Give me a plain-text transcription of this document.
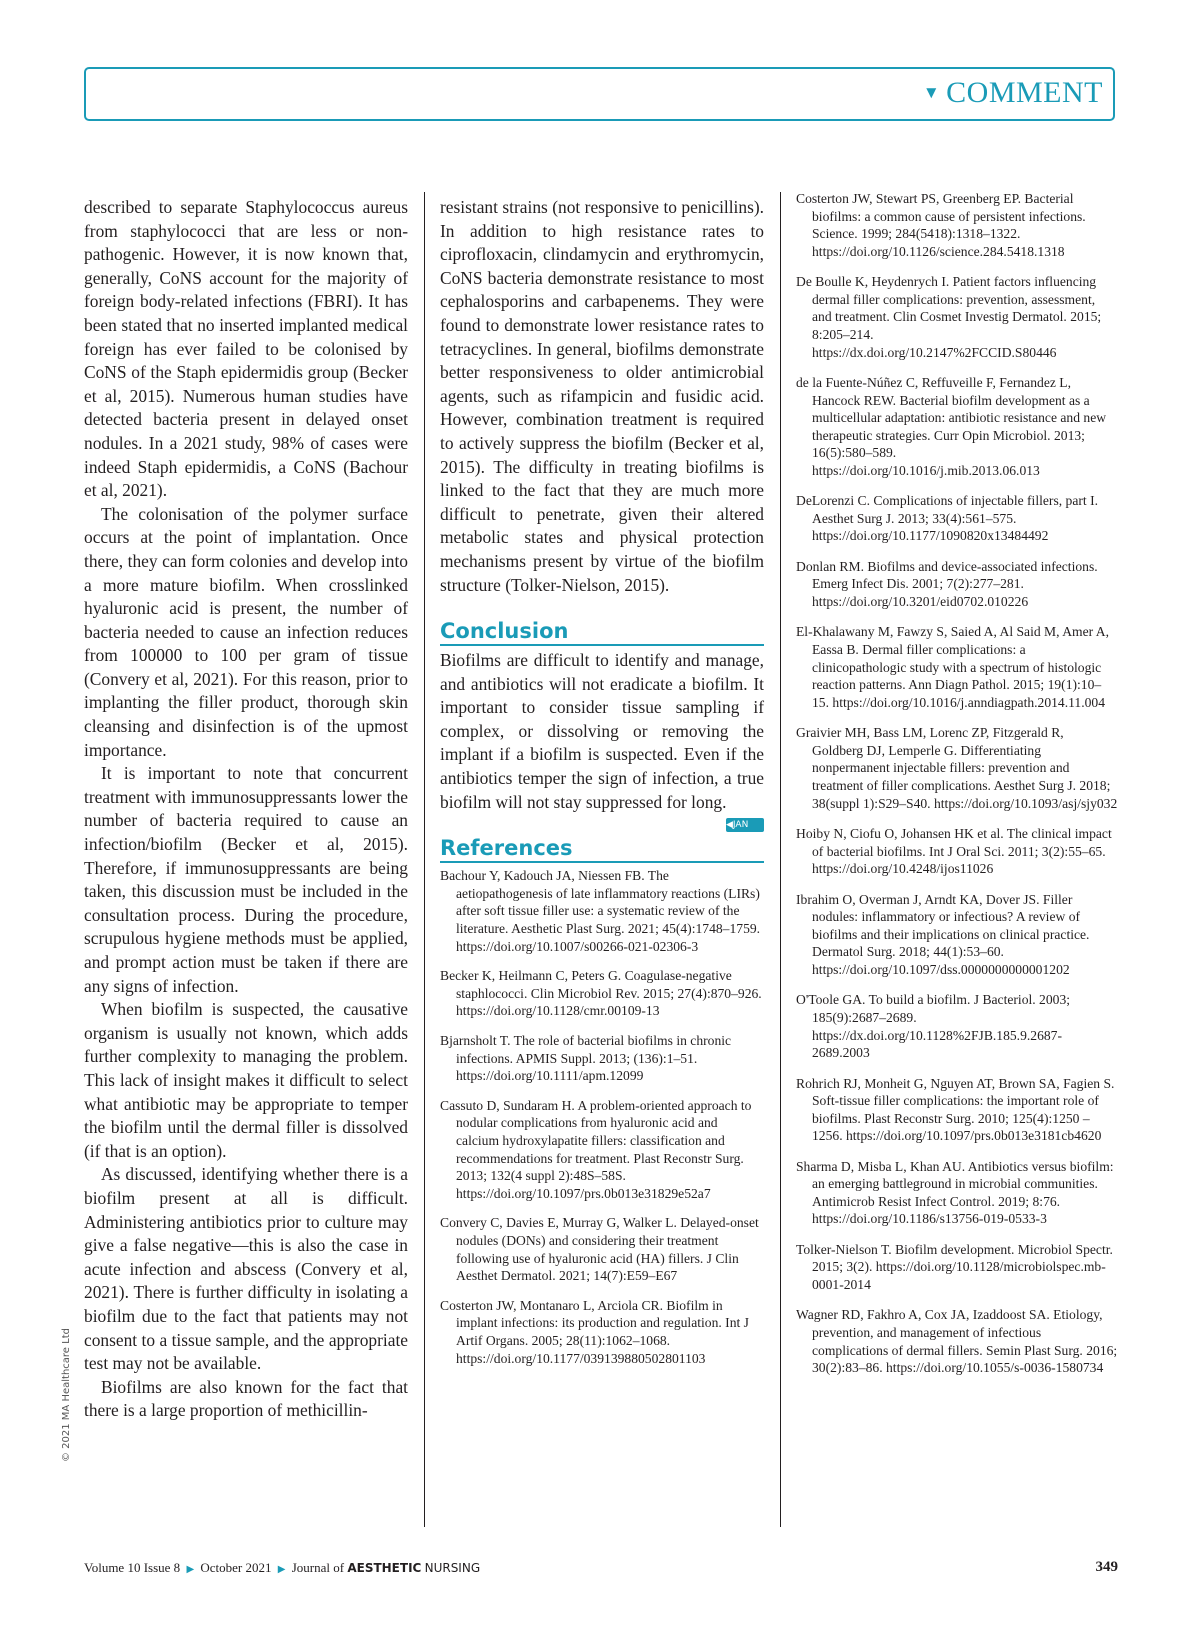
▼ COMMENT

described to separate Staphylococcus aureus from staphylococci that are less or non-pathogenic. However, it is now known that, generally, CoNS account for the majority of foreign body-related infections (FBRI). It has been stated that no inserted implanted medical foreign has ever failed to be colonised by CoNS of the Staph epidermidis group (Becker et al, 2015). Numerous human studies have detected bacteria present in delayed onset nodules. In a 2021 study, 98% of cases were indeed Staph epidermidis, a CoNS (Bachour et al, 2021).

The colonisation of the polymer surface occurs at the point of implantation. Once there, they can form colonies and develop into a more mature biofilm. When crosslinked hyaluronic acid is present, the number of bacteria needed to cause an infection reduces from 100000 to 100 per gram of tissue (Convery et al, 2021). For this reason, prior to implanting the filler product, thorough skin cleansing and disinfection is of the upmost importance.

It is important to note that concurrent treatment with immunosuppressants lower the number of bacteria required to cause an infection/biofilm (Becker et al, 2015). Therefore, if immunosuppressants are being taken, this discussion must be included in the consultation process. During the procedure, scrupulous hygiene methods must be applied, and prompt action must be taken if there are any signs of infection.

When biofilm is suspected, the causative organism is usually not known, which adds further complexity to managing the problem. This lack of insight makes it difficult to select what antibiotic may be appropriate to temper the biofilm until the dermal filler is dissolved (if that is an option).

As discussed, identifying whether there is a biofilm present at all is difficult. Administering antibiotics prior to culture may give a false negative—this is also the case in acute infection and abscess (Convery et al, 2021). There is further difficulty in isolating a biofilm due to the fact that patients may not consent to a tissue sample, and the appropriate test may not be available.

Biofilms are also known for the fact that there is a large proportion of methicillin-

resistant strains (not responsive to penicillins). In addition to high resistance rates to ciprofloxacin, clindamycin and erythromycin, CoNS bacteria demonstrate resistance to most cephalosporins and carbapenems. They were found to demonstrate lower resistance rates to tetracyclines. In general, biofilms demonstrate better responsiveness to older antimicrobial agents, such as rifampicin and fusidic acid. However, combination treatment is required to actively suppress the biofilm (Becker et al, 2015). The difficulty in treating biofilms is linked to the fact that they are much more difficult to penetrate, given their altered metabolic states and physical protection mechanisms present by virtue of the biofilm structure (Tolker-Nielson, 2015).

Conclusion

Biofilms are difficult to identify and manage, and antibiotics will not eradicate a biofilm. It important to consider tissue sampling if complex, or dissolving or removing the implant if a biofilm is suspected. Even if the antibiotics temper the sign of infection, a true biofilm will not stay suppressed for long.
◀JAN

References

Bachour Y, Kadouch JA, Niessen FB. The aetiopathogenesis of late inflammatory reactions (LIRs) after soft tissue filler use: a systematic review of the literature. Aesthetic Plast Surg. 2021; 45(4):1748–1759. https://doi.org/10.1007/s00266-021-02306-3

Becker K, Heilmann C, Peters G. Coagulase-negative staphlococci. Clin Microbiol Rev. 2015; 27(4):870–926. https://doi.org/10.1128/cmr.00109-13

Bjarnsholt T. The role of bacterial biofilms in chronic infections. APMIS Suppl. 2013; (136):1–51. https://doi.org/10.1111/apm.12099

Cassuto D, Sundaram H. A problem-oriented approach to nodular complications from hyaluronic acid and calcium hydroxylapatite fillers: classification and recommendations for treatment. Plast Reconstr Surg. 2013; 132(4 suppl 2):48S–58S. https://doi.org/10.1097/prs.0b013e31829e52a7

Convery C, Davies E, Murray G, Walker L. Delayed-onset nodules (DONs) and considering their treatment following use of hyaluronic acid (HA) fillers. J Clin Aesthet Dermatol. 2021; 14(7):E59–E67

Costerton JW, Montanaro L, Arciola CR. Biofilm in implant infections: its production and regulation. Int J Artif Organs. 2005; 28(11):1062–1068. https://doi.org/10.1177/039139880502801103

Costerton JW, Stewart PS, Greenberg EP. Bacterial biofilms: a common cause of persistent infections. Science. 1999; 284(5418):1318–1322. https://doi.org/10.1126/science.284.5418.1318

De Boulle K, Heydenrych I. Patient factors influencing dermal filler complications: prevention, assessment, and treatment. Clin Cosmet Investig Dermatol. 2015; 8:205–214. https://dx.doi.org/10.2147%2FCCID.S80446

de la Fuente-Núñez C, Reffuveille F, Fernandez L, Hancock REW. Bacterial biofilm development as a multicellular adaptation: antibiotic resistance and new therapeutic strategies. Curr Opin Microbiol. 2013; 16(5):580–589. https://doi.org/10.1016/j.mib.2013.06.013

DeLorenzi C. Complications of injectable fillers, part I. Aesthet Surg J. 2013; 33(4):561–575. https://doi.org/10.1177/1090820x13484492

Donlan RM. Biofilms and device-associated infections. Emerg Infect Dis. 2001; 7(2):277–281. https://doi.org/10.3201/eid0702.010226

El-Khalawany M, Fawzy S, Saied A, Al Said M, Amer A, Eassa B. Dermal filler complications: a clinicopathologic study with a spectrum of histologic reaction patterns. Ann Diagn Pathol. 2015; 19(1):10–15. https://doi.org/10.1016/j.anndiagpath.2014.11.004

Graivier MH, Bass LM, Lorenc ZP, Fitzgerald R, Goldberg DJ, Lemperle G. Differentiating nonpermanent injectable fillers: prevention and treatment of filler complications. Aesthet Surg J. 2018; 38(suppl 1):S29–S40. https://doi.org/10.1093/asj/sjy032

Hoiby N, Ciofu O, Johansen HK et al. The clinical impact of bacterial biofilms. Int J Oral Sci. 2011; 3(2):55–65. https://doi.org/10.4248/ijos11026

Ibrahim O, Overman J, Arndt KA, Dover JS. Filler nodules: inflammatory or infectious? A review of biofilms and their implications on clinical practice. Dermatol Surg. 2018; 44(1):53–60. https://doi.org/10.1097/dss.0000000000001202

O'Toole GA. To build a biofilm. J Bacteriol. 2003; 185(9):2687–2689. https://dx.doi.org/10.1128%2FJB.185.9.2687-2689.2003

Rohrich RJ, Monheit G, Nguyen AT, Brown SA, Fagien S. Soft-tissue filler complications: the important role of biofilms. Plast Reconstr Surg. 2010; 125(4):1250 –1256. https://doi.org/10.1097/prs.0b013e3181cb4620

Sharma D, Misba L, Khan AU. Antibiotics versus biofilm: an emerging battleground in microbial communities. Antimicrob Resist Infect Control. 2019; 8:76. https://doi.org/10.1186/s13756-019-0533-3

Tolker-Nielson T. Biofilm development. Microbiol Spectr. 2015; 3(2). https://doi.org/10.1128/microbiolspec.mb-0001-2014

Wagner RD, Fakhro A, Cox JA, Izaddoost SA. Etiology, prevention, and management of infectious complications of dermal fillers. Semin Plast Surg. 2016; 30(2):83–86. https://doi.org/10.1055/s-0036-1580734

© 2021 MA Healthcare Ltd
Volume 10 Issue 8 ▶ October 2021 ▶ Journal of AESTHETIC NURSING	349
